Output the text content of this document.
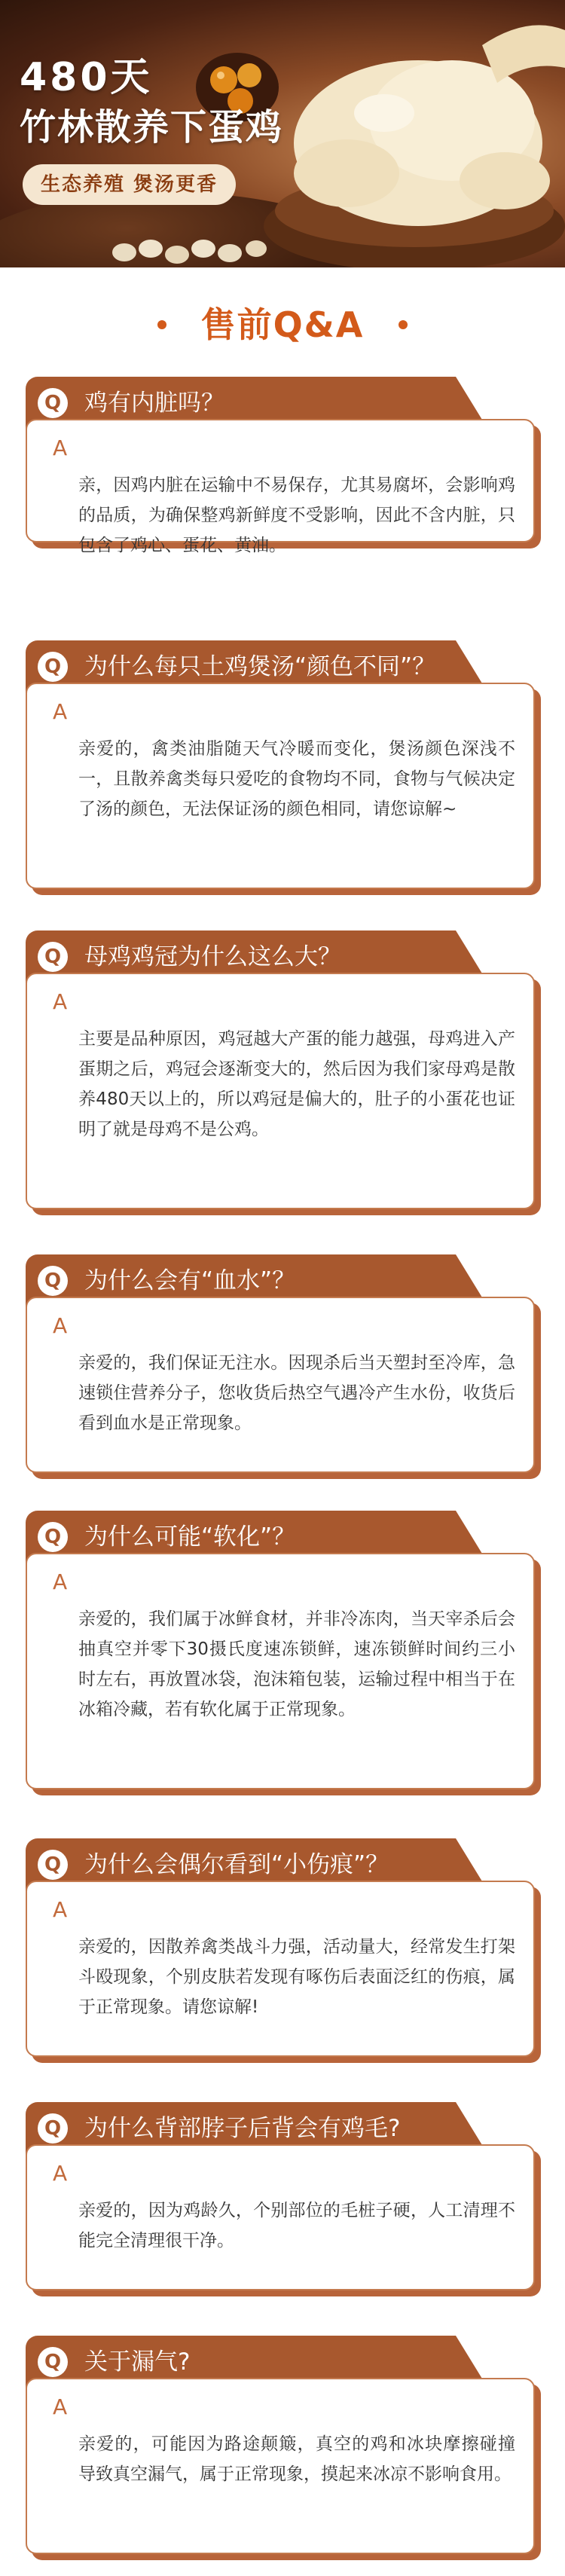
480天
竹林散养下蛋鸡
生态养殖 煲汤更香
售前Q&A
Q 鸡有内脏吗？
A
亲，因鸡内脏在运输中不易保存，尤其易腐坏，会影响鸡的品质，为确保整鸡新鲜度不受影响，因此不含内脏，只包含了鸡心、蛋花、黄油。
Q 为什么每只土鸡煲汤“颜色不同”？
A
亲爱的，禽类油脂随天气冷暖而变化，煲汤颜色深浅不一，且散养禽类每只爱吃的食物均不同，食物与气候决定了汤的颜色，无法保证汤的颜色相同，请您谅解~
Q 母鸡鸡冠为什么这么大？
A
主要是品种原因，鸡冠越大产蛋的能力越强，母鸡进入产蛋期之后，鸡冠会逐渐变大的，然后因为我们家母鸡是散养480天以上的，所以鸡冠是偏大的，肚子的小蛋花也证明了就是母鸡不是公鸡。
Q 为什么会有“血水”？
A
亲爱的，我们保证无注水。因现杀后当天塑封至冷库，急速锁住营养分子，您收货后热空气遇冷产生水份，收货后看到血水是正常现象。
Q 为什么可能“软化”？
A
亲爱的，我们属于冰鲜食材，并非冷冻肉，当天宰杀后会抽真空并零下30摄氏度速冻锁鲜，速冻锁鲜时间约三小时左右，再放置冰袋，泡沫箱包装，运输过程中相当于在冰箱冷藏，若有软化属于正常现象。
Q 为什么会偶尔看到“小伤痕”？
A
亲爱的，因散养禽类战斗力强，活动量大，经常发生打架斗殴现象，个别皮肤若发现有啄伤后表面泛红的伤痕，属于正常现象。请您谅解!
Q 为什么背部脖子后背会有鸡毛?
A
亲爱的，因为鸡龄久，个别部位的毛桩子硬，人工清理不能完全清理很干净。
Q 关于漏气?
A
亲爱的，可能因为路途颠簸，真空的鸡和冰块摩擦碰撞 导致真空漏气，属于正常现象，摸起来冰凉不影响食用。
